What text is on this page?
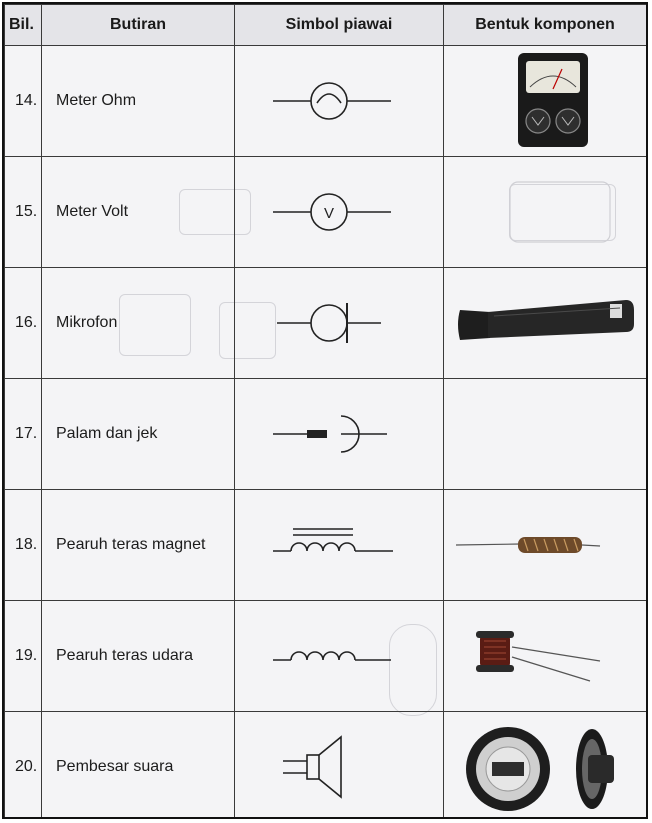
Bil.	Butiran	Simbol piawai	Bentuk komponen
14.	Meter Ohm	

15.	Meter Volt	V

16.	Mikrofon	

17.	Palam dan jek	

18.	Pearuh teras magnet	

19.	Pearuh teras udara	

20.	Pembesar suara	
